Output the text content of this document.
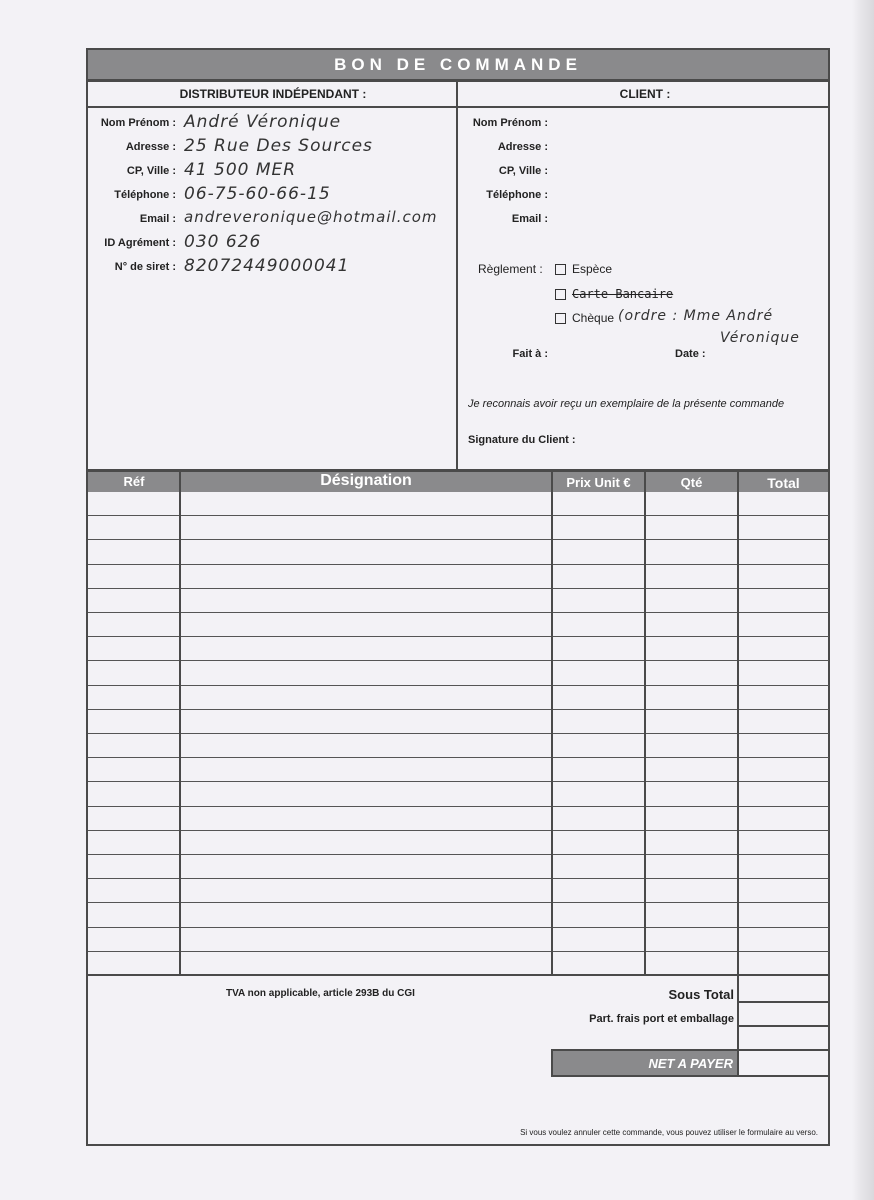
BON DE COMMANDE
DISTRIBUTEUR INDÉPENDANT :	CLIENT :
Nom Prénom : André Véronique
Adresse : 25 Rue Des Sources
CP, Ville : 41 500 MER
Téléphone : 06-75-60-66-15
Email : andreveronique@hotmail.com
ID Agrément : 030 626
N° de siret : 82072449000041
Nom Prénom :
Adresse :
CP, Ville :
Téléphone :
Email :
Règlement : Espèce
Carte Bancaire
Chèque (ordre : Mme André
Véronique
Fait à :	Date :
Je reconnais avoir reçu un exemplaire de la présente commande
Signature du Client :
Réf	Désignation	Prix Unit €	Qté	Total
TVA non applicable, article 293B du CGI	Sous Total
Part. frais port et emballage
NET A PAYER
Si vous voulez annuler cette commande, vous pouvez utiliser le formulaire au verso.
